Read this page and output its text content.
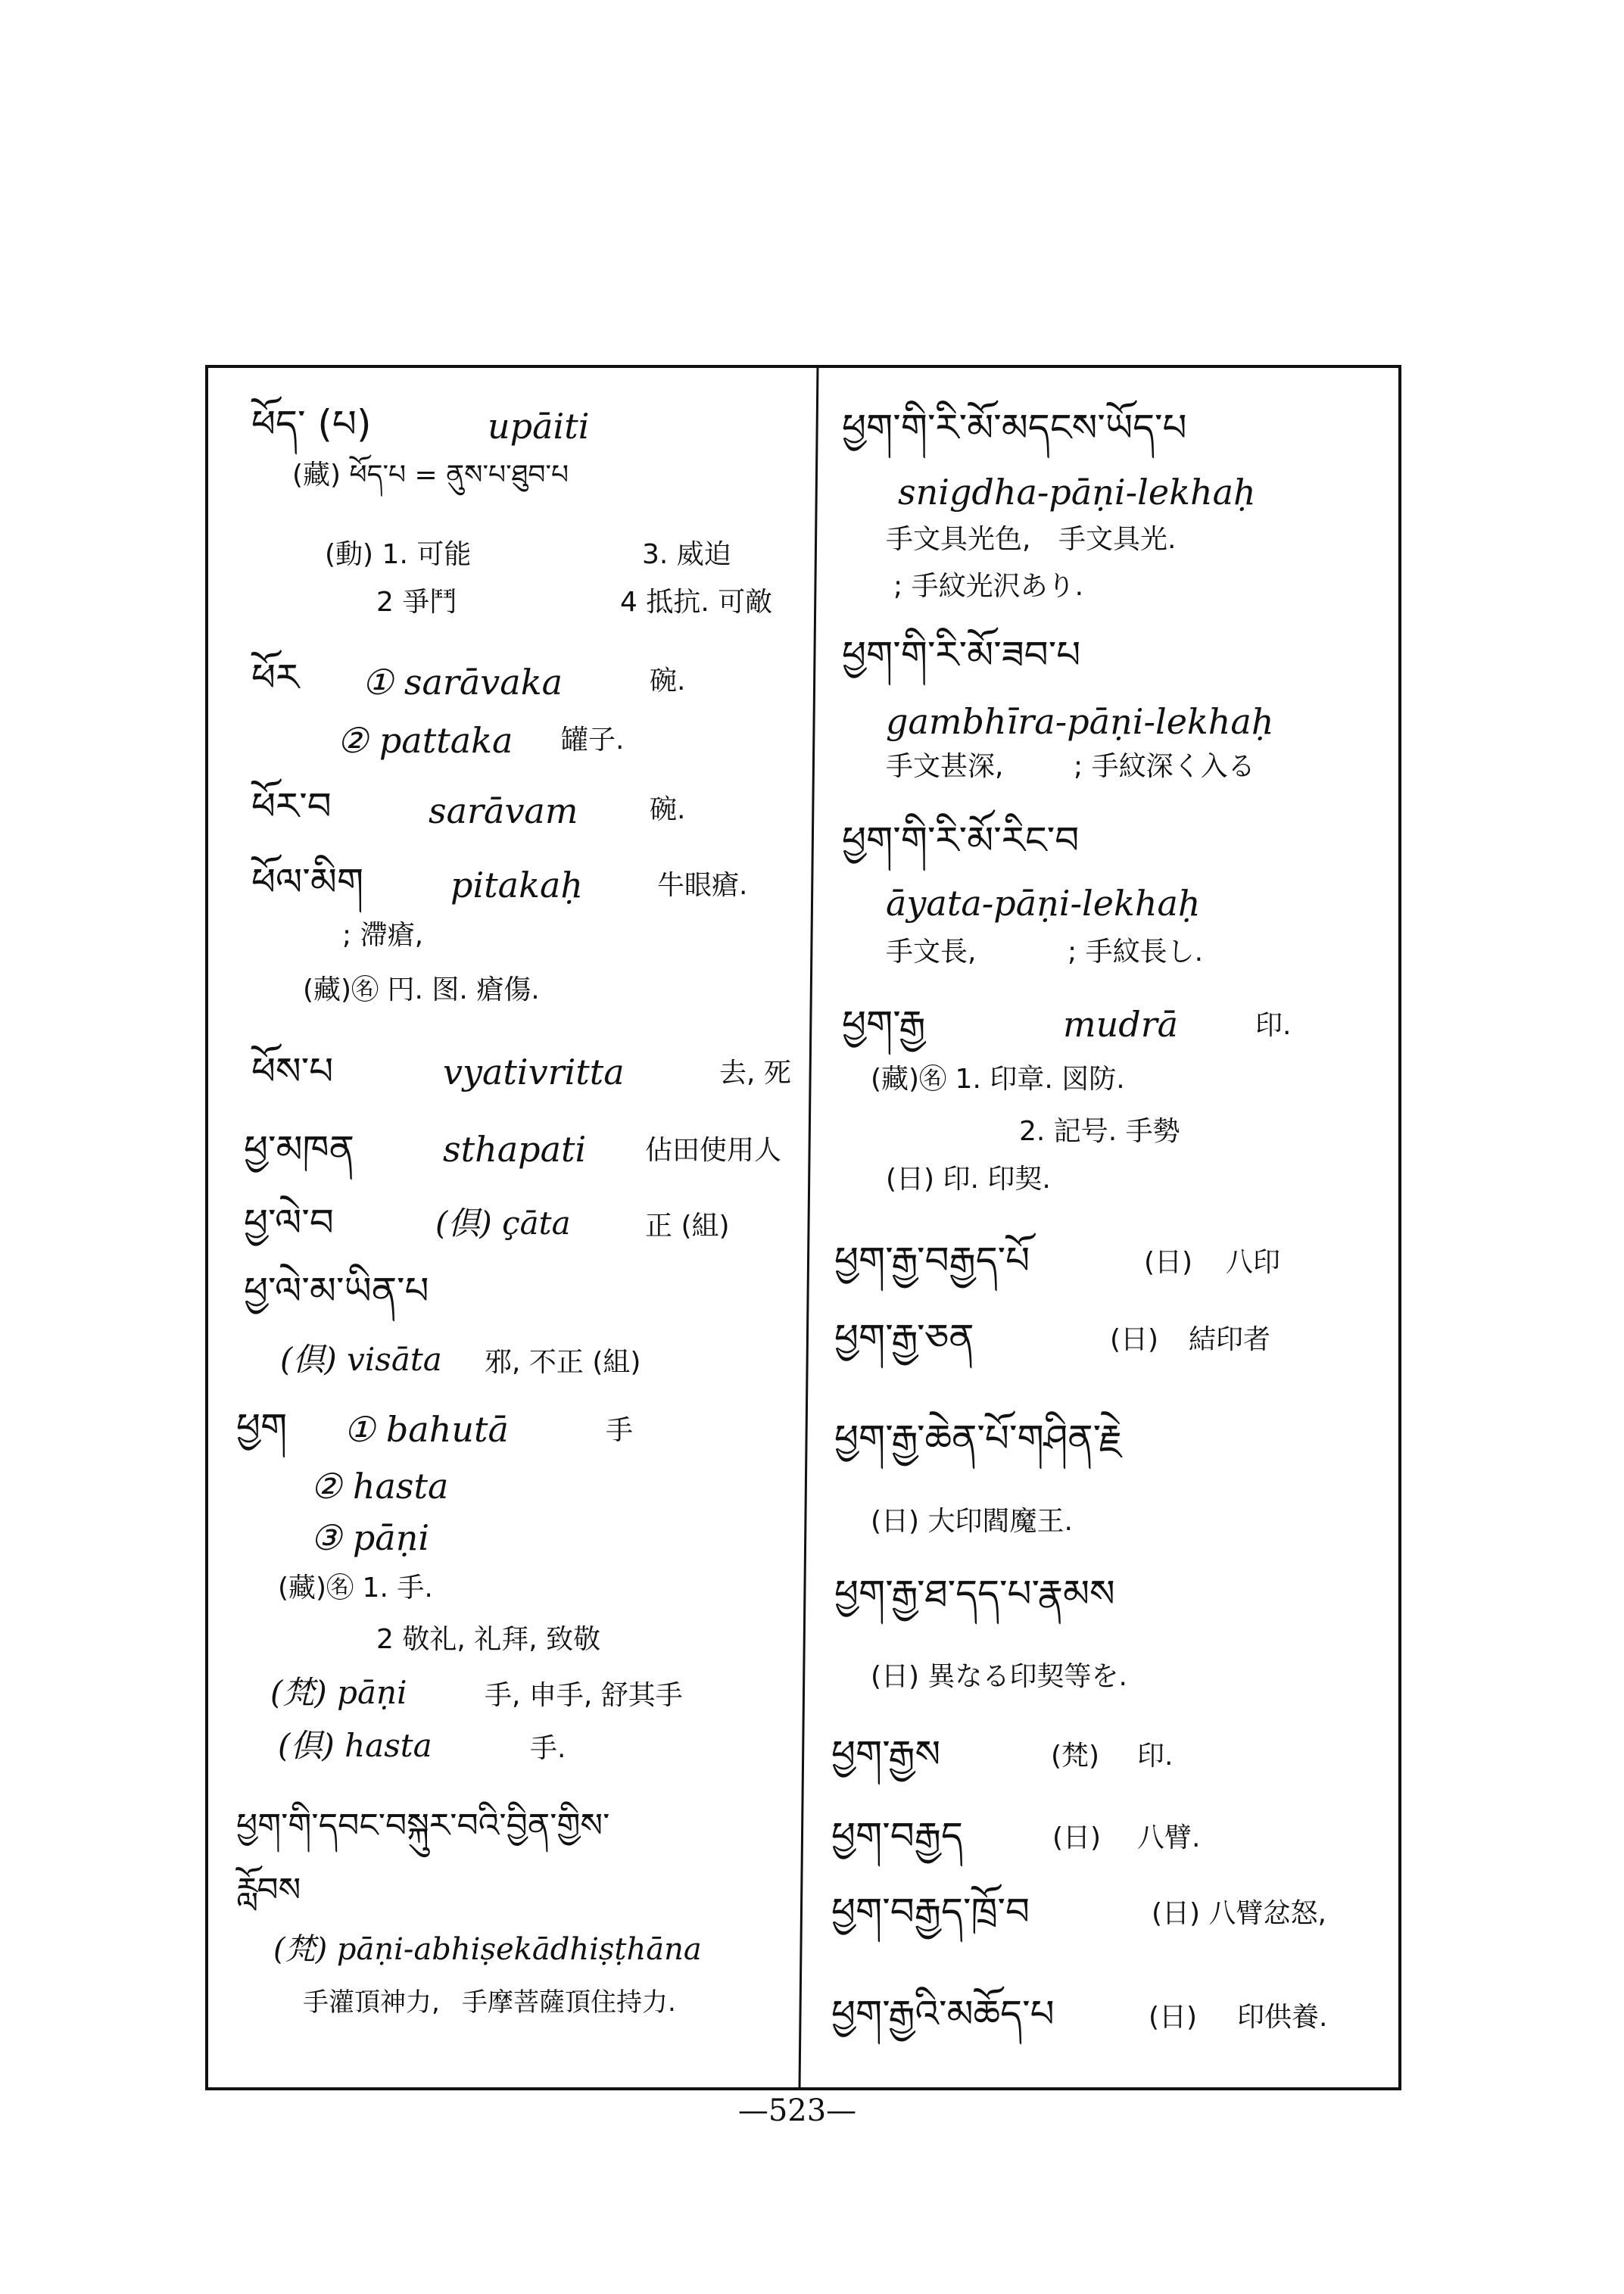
ཕོད་ (པ)	upāiti
(藏) ཕོད་པ = ནུས་པ་ཐུབ་པ
(動) 1. 可能	3. 威迫
2 爭鬥	4 抵抗. 可敵
ཕོར ① sarāvaka	碗.
② pattaka 罐子.
ཕོར་བ	sarāvam	碗.
ཕོལ་མིག pitakaḥ	牛眼瘡.
; 滯瘡,
(藏)㊔ 円. 图. 瘡傷.
ཕོས་པ	vyativritta	去, 死
ཕྱ་མཁན	sthapati 佔田使用人
ཕྱ་ལེ་བ	(倶) çāta	正 (組)
ཕྱ་ལེ་མ་ཡིན་པ
(倶) visāta 邪, 不正 (組)
ཕྱག ① bahutā	手
② hasta
③ pāṇi
(藏)㊔ 1. 手.
2 敬礼, 礼拜, 致敬
(梵) pāṇi	手, 申手, 舒其手
(倶) hasta	手.
ཕྱག་གི་དབང་བསྐུར་བའི་བྱིན་གྱིས་
རློབས
(梵) pāṇi-abhiṣekādhiṣṭhāna
手灌頂神力, 手摩菩薩頂住持力.
ཕྱག་གི་རི་མོ་མདངས་ཡོད་པ
snigdha-pāṇi-lekhaḥ
手文具光色, 手文具光.
; 手紋光沢あり.
ཕྱག་གི་རི་མོ་ཟབ་པ
gambhīra-pāṇi-lekhaḥ
手文甚深,	; 手紋深く入る
ཕྱག་གི་རི་མོ་རིང་བ
āyata-pāṇi-lekhaḥ
手文長,	; 手紋長し.
ཕྱག་རྒྱ	mudrā	印.
(藏)㊔ 1. 印章. 図防.
2. 記号. 手勢
(日) 印. 印契.
ཕྱག་རྒྱ་བརྒྱད་པོ	(日) 八印
ཕྱག་རྒྱ་ཅན	(日) 結印者
ཕྱག་རྒྱ་ཆེན་པོ་གཤིན་རྗེ
(日) 大印閻魔王.
ཕྱག་རྒྱ་ཐ་དད་པ་རྣམས
(日) 異なる印契等を.
ཕྱག་རྒྱས	(梵) 印.
ཕྱག་བརྒྱད	(日) 八臂.
ཕྱག་བརྒྱད་ཁྲོ་བ	(日) 八臂忿怒,
ཕྱག་རྒྱའི་མཆོད་པ	(日) 印供養.
—523—
